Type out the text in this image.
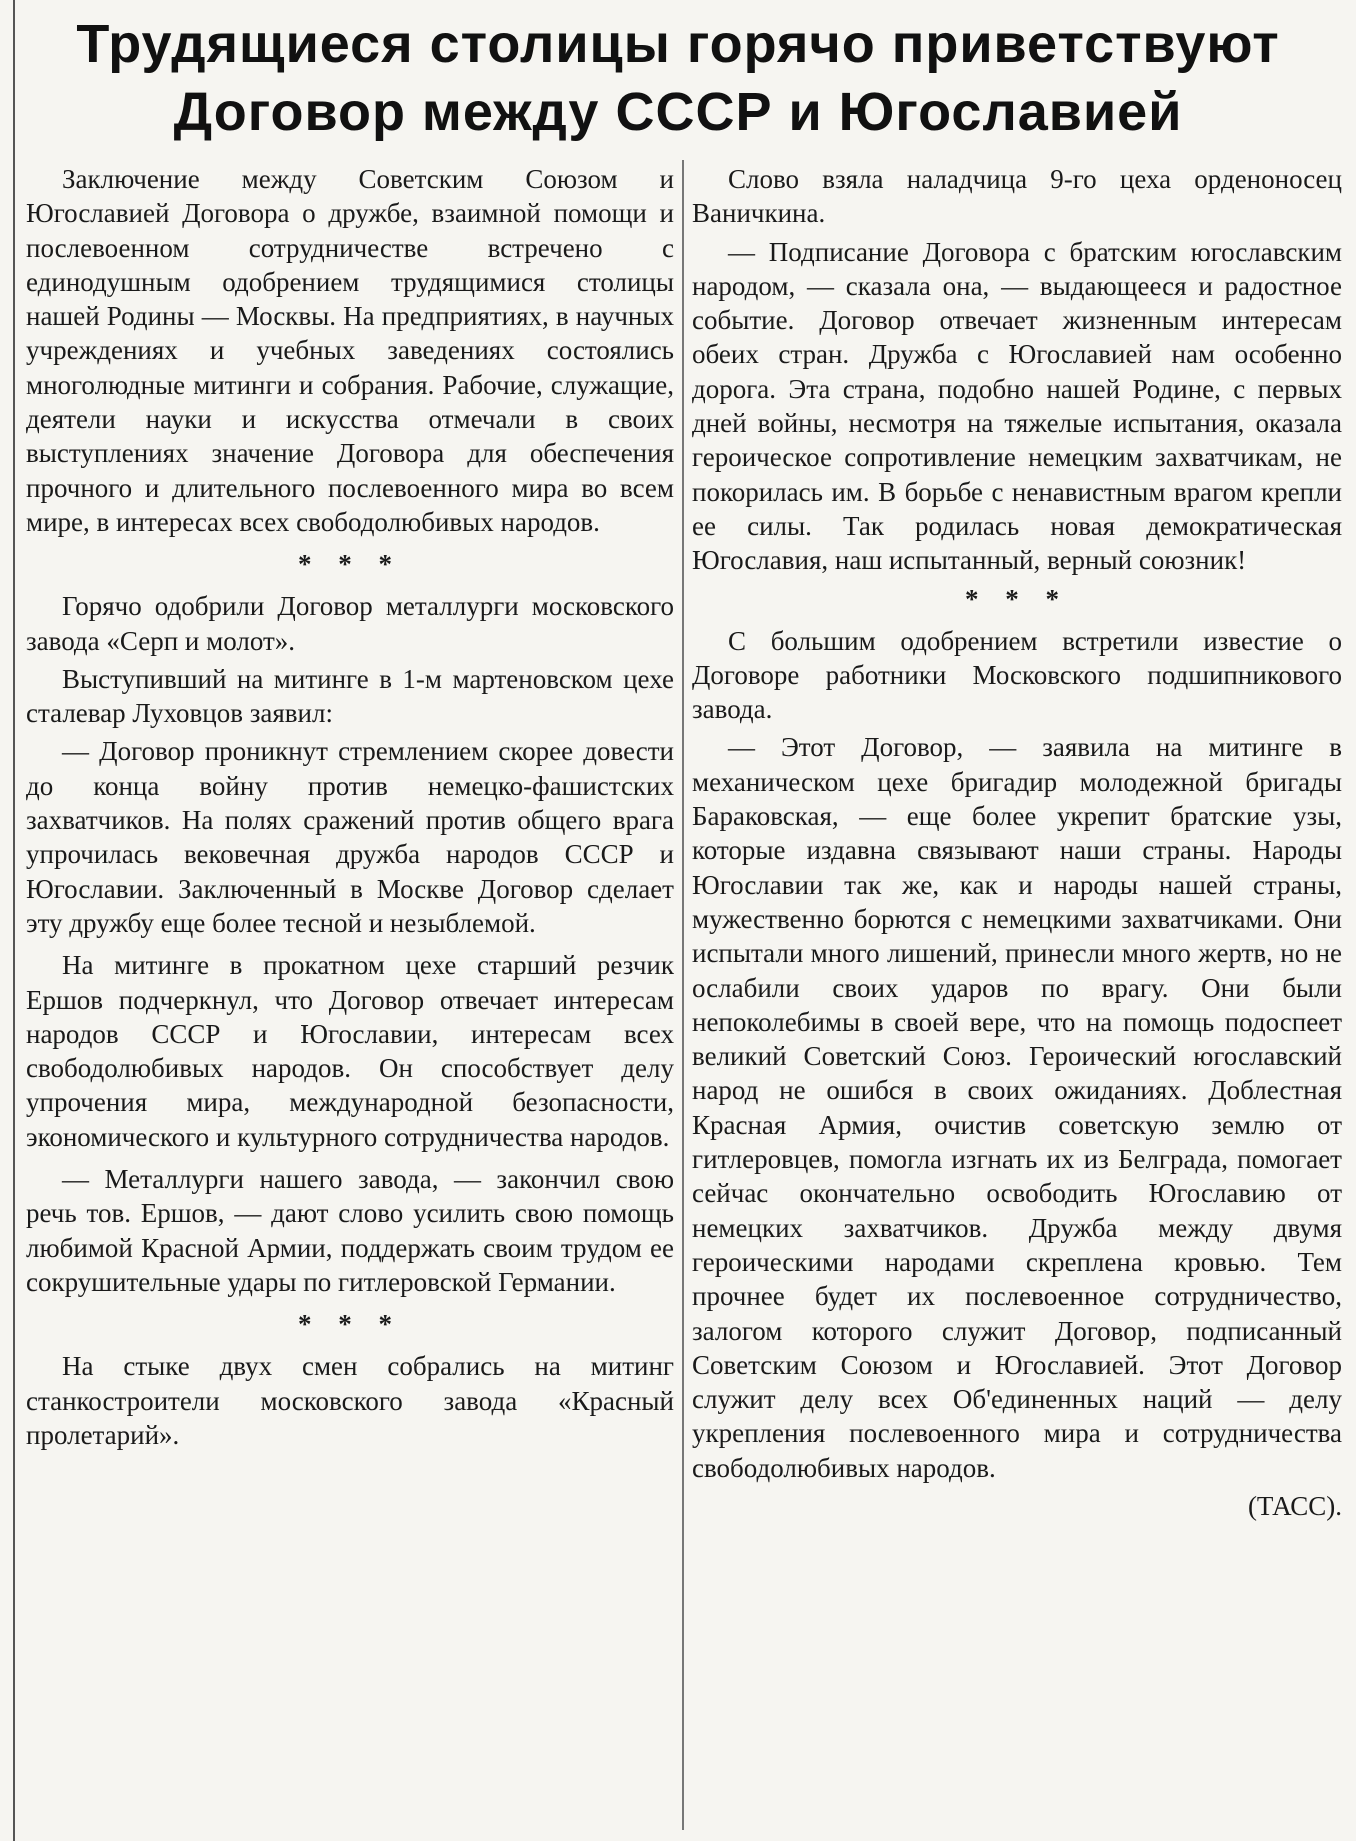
Трудящиеся столицы горячо приветствуют
Договор между СССР и Югославией

Заключение между Советским Союзом и Югославией Договора о дружбе, взаимной помощи и послевоенном сотрудничестве встречено с единодушным одобрением трудящимися столицы нашей Родины — Москвы. На предприятиях, в научных учреждениях и учебных заведениях состоялись многолюдные митинги и собрания. Рабочие, служащие, деятели науки и искусства отмечали в своих выступлениях значение Договора для обеспечения прочного и длительного послевоенного мира во всем мире, в интересах всех свободолюбивых народов.

* * *

Горячо одобрили Договор металлурги московского завода «Серп и молот».

Выступивший на митинге в 1-м мартеновском цехе сталевар Луховцов заявил:

— Договор проникнут стремлением скорее довести до конца войну против немецко-фашистских захватчиков. На полях сражений против общего врага упрочилась вековечная дружба народов СССР и Югославии. Заключенный в Москве Договор сделает эту дружбу еще более тесной и незыблемой.

На митинге в прокатном цехе старший резчик Ершов подчеркнул, что Договор отвечает интересам народов СССР и Югославии, интересам всех свободолюбивых народов. Он способствует делу упрочения мира, международной безопасности, экономического и культурного сотрудничества народов.

— Металлурги нашего завода, — закончил свою речь тов. Ершов, — дают слово усилить свою помощь любимой Красной Армии, поддержать своим трудом ее сокрушительные удары по гитлеровской Германии.

* * *

На стыке двух смен собрались на митинг станкостроители московского завода «Красный пролетарий».

Слово взяла наладчица 9-го цеха орденоносец Ваничкина.

— Подписание Договора с братским югославским народом, — сказала она, — выдающееся и радостное событие. Договор отвечает жизненным интересам обеих стран. Дружба с Югославией нам особенно дорога. Эта страна, подобно нашей Родине, с первых дней войны, несмотря на тяжелые испытания, оказала героическое сопротивление немецким захватчикам, не покорилась им. В борьбе с ненавистным врагом крепли ее силы. Так родилась новая демократическая Югославия, наш испытанный, верный союзник!

* * *

С большим одобрением встретили известие о Договоре работники Московского подшипникового завода.

— Этот Договор, — заявила на митинге в механическом цехе бригадир молодежной бригады Бараковская, — еще более укрепит братские узы, которые издавна связывают наши страны. Народы Югославии так же, как и народы нашей страны, мужественно борются с немецкими захватчиками. Они испытали много лишений, принесли много жертв, но не ослабили своих ударов по врагу. Они были непоколебимы в своей вере, что на помощь подоспеет великий Советский Союз. Героический югославский народ не ошибся в своих ожиданиях. Доблестная Красная Армия, очистив советскую землю от гитлеровцев, помогла изгнать их из Белграда, помогает сейчас окончательно освободить Югославию от немецких захватчиков. Дружба между двумя героическими народами скреплена кровью. Тем прочнее будет их послевоенное сотрудничество, залогом которого служит Договор, подписанный Советским Союзом и Югославией. Этот Договор служит делу всех Об'единенных наций — делу укрепления послевоенного мира и сотрудничества свободолюбивых народов.

(ТАСС).
